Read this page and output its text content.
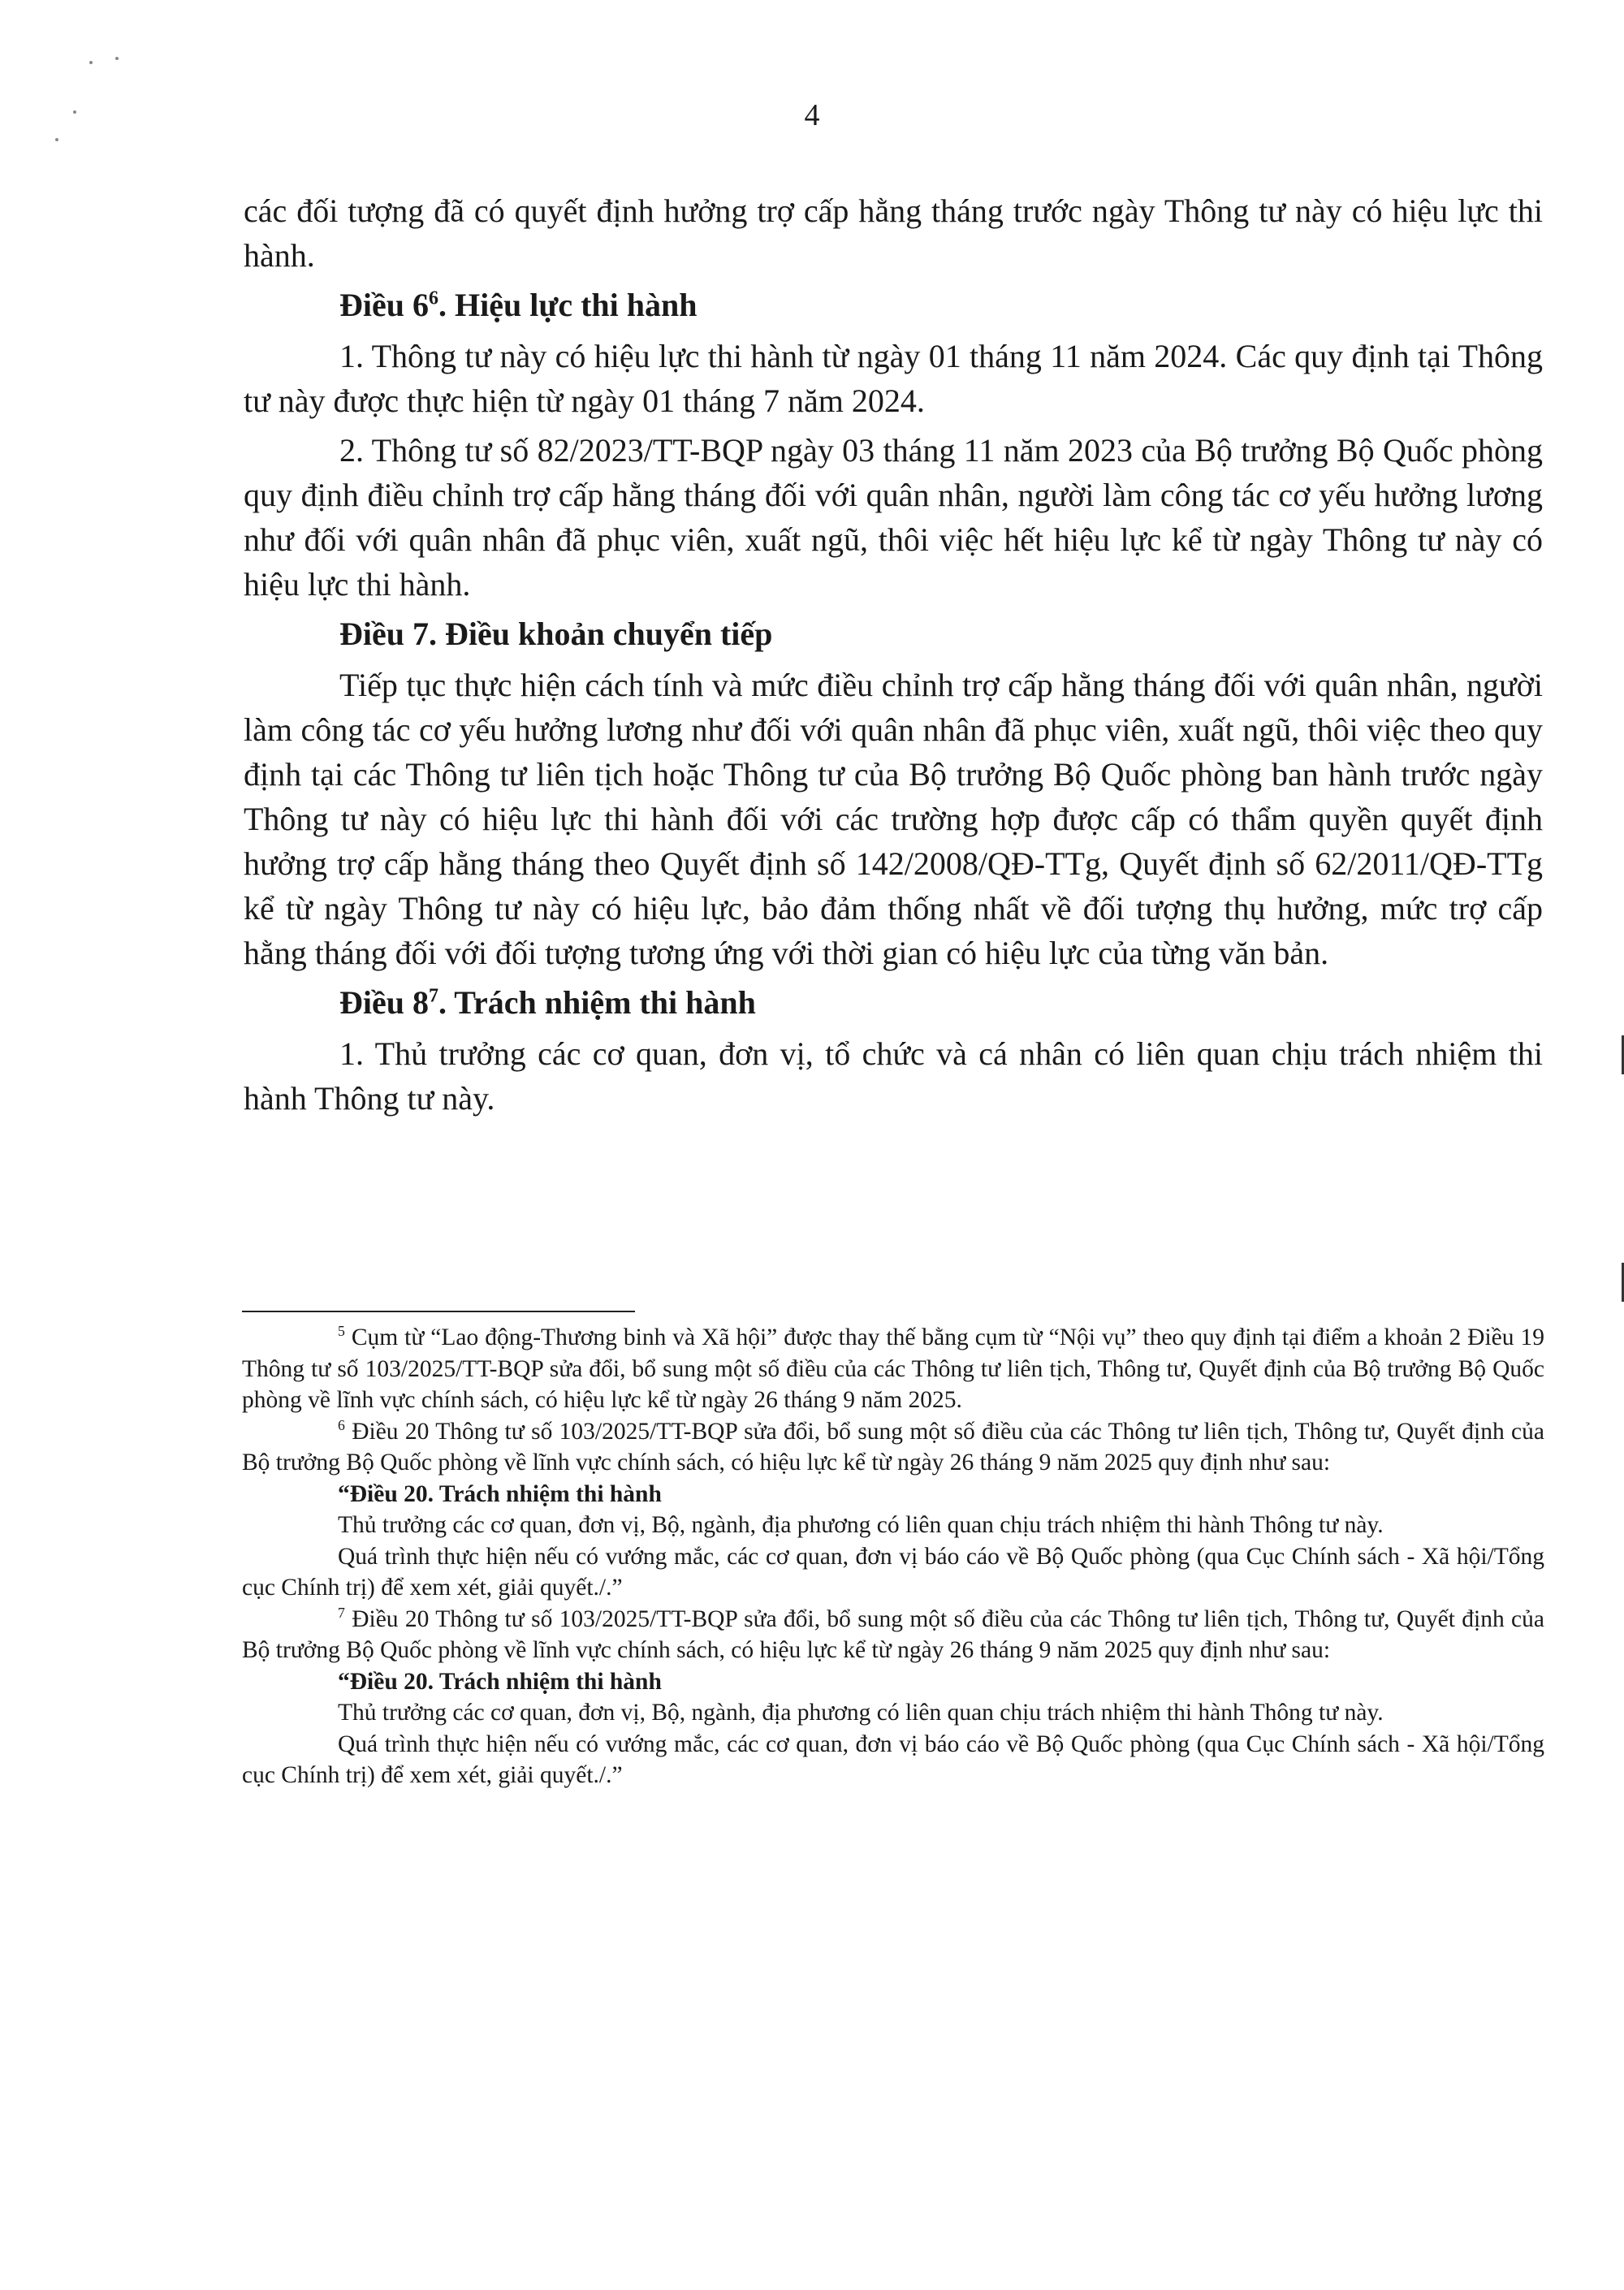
4

các đối tượng đã có quyết định hưởng trợ cấp hằng tháng trước ngày Thông tư này có hiệu lực thi hành.

Điều $6^6$. Hiệu lực thi hành

1. Thông tư này có hiệu lực thi hành từ ngày 01 tháng 11 năm 2024. Các quy định tại Thông tư này được thực hiện từ ngày 01 tháng 7 năm 2024.

2. Thông tư số 82/2023/TT-BQP ngày 03 tháng 11 năm 2023 của Bộ trưởng Bộ Quốc phòng quy định điều chỉnh trợ cấp hằng tháng đối với quân nhân, người làm công tác cơ yếu hưởng lương như đối với quân nhân đã phục viên, xuất ngũ, thôi việc hết hiệu lực kể từ ngày Thông tư này có hiệu lực thi hành.

Điều 7. Điều khoản chuyển tiếp

Tiếp tục thực hiện cách tính và mức điều chỉnh trợ cấp hằng tháng đối với quân nhân, người làm công tác cơ yếu hưởng lương như đối với quân nhân đã phục viên, xuất ngũ, thôi việc theo quy định tại các Thông tư liên tịch hoặc Thông tư của Bộ trưởng Bộ Quốc phòng ban hành trước ngày Thông tư này có hiệu lực thi hành đối với các trường hợp được cấp có thẩm quyền quyết định hưởng trợ cấp hằng tháng theo Quyết định số 142/2008/QĐ-TTg, Quyết định số 62/2011/QĐ-TTg kể từ ngày Thông tư này có hiệu lực, bảo đảm thống nhất về đối tượng thụ hưởng, mức trợ cấp hằng tháng đối với đối tượng tương ứng với thời gian có hiệu lực của từng văn bản.

Điều $8^7$. Trách nhiệm thi hành

1. Thủ trưởng các cơ quan, đơn vị, tổ chức và cá nhân có liên quan chịu trách nhiệm thi hành Thông tư này.

$^5$ Cụm từ “Lao động-Thương binh và Xã hội” được thay thế bằng cụm từ “Nội vụ” theo quy định tại điểm a khoản 2 Điều 19 Thông tư số 103/2025/TT-BQP sửa đổi, bổ sung một số điều của các Thông tư liên tịch, Thông tư, Quyết định của Bộ trưởng Bộ Quốc phòng về lĩnh vực chính sách, có hiệu lực kể từ ngày 26 tháng 9 năm 2025.

$^6$ Điều 20 Thông tư số 103/2025/TT-BQP sửa đổi, bổ sung một số điều của các Thông tư liên tịch, Thông tư, Quyết định của Bộ trưởng Bộ Quốc phòng về lĩnh vực chính sách, có hiệu lực kể từ ngày 26 tháng 9 năm 2025 quy định như sau:

“Điều 20. Trách nhiệm thi hành

Thủ trưởng các cơ quan, đơn vị, Bộ, ngành, địa phương có liên quan chịu trách nhiệm thi hành Thông tư này.

Quá trình thực hiện nếu có vướng mắc, các cơ quan, đơn vị báo cáo về Bộ Quốc phòng (qua Cục Chính sách - Xã hội/Tổng cục Chính trị) để xem xét, giải quyết./.”

$^7$ Điều 20 Thông tư số 103/2025/TT-BQP sửa đổi, bổ sung một số điều của các Thông tư liên tịch, Thông tư, Quyết định của Bộ trưởng Bộ Quốc phòng về lĩnh vực chính sách, có hiệu lực kể từ ngày 26 tháng 9 năm 2025 quy định như sau:

“Điều 20. Trách nhiệm thi hành

Thủ trưởng các cơ quan, đơn vị, Bộ, ngành, địa phương có liên quan chịu trách nhiệm thi hành Thông tư này.

Quá trình thực hiện nếu có vướng mắc, các cơ quan, đơn vị báo cáo về Bộ Quốc phòng (qua Cục Chính sách - Xã hội/Tổng cục Chính trị) để xem xét, giải quyết./.”
